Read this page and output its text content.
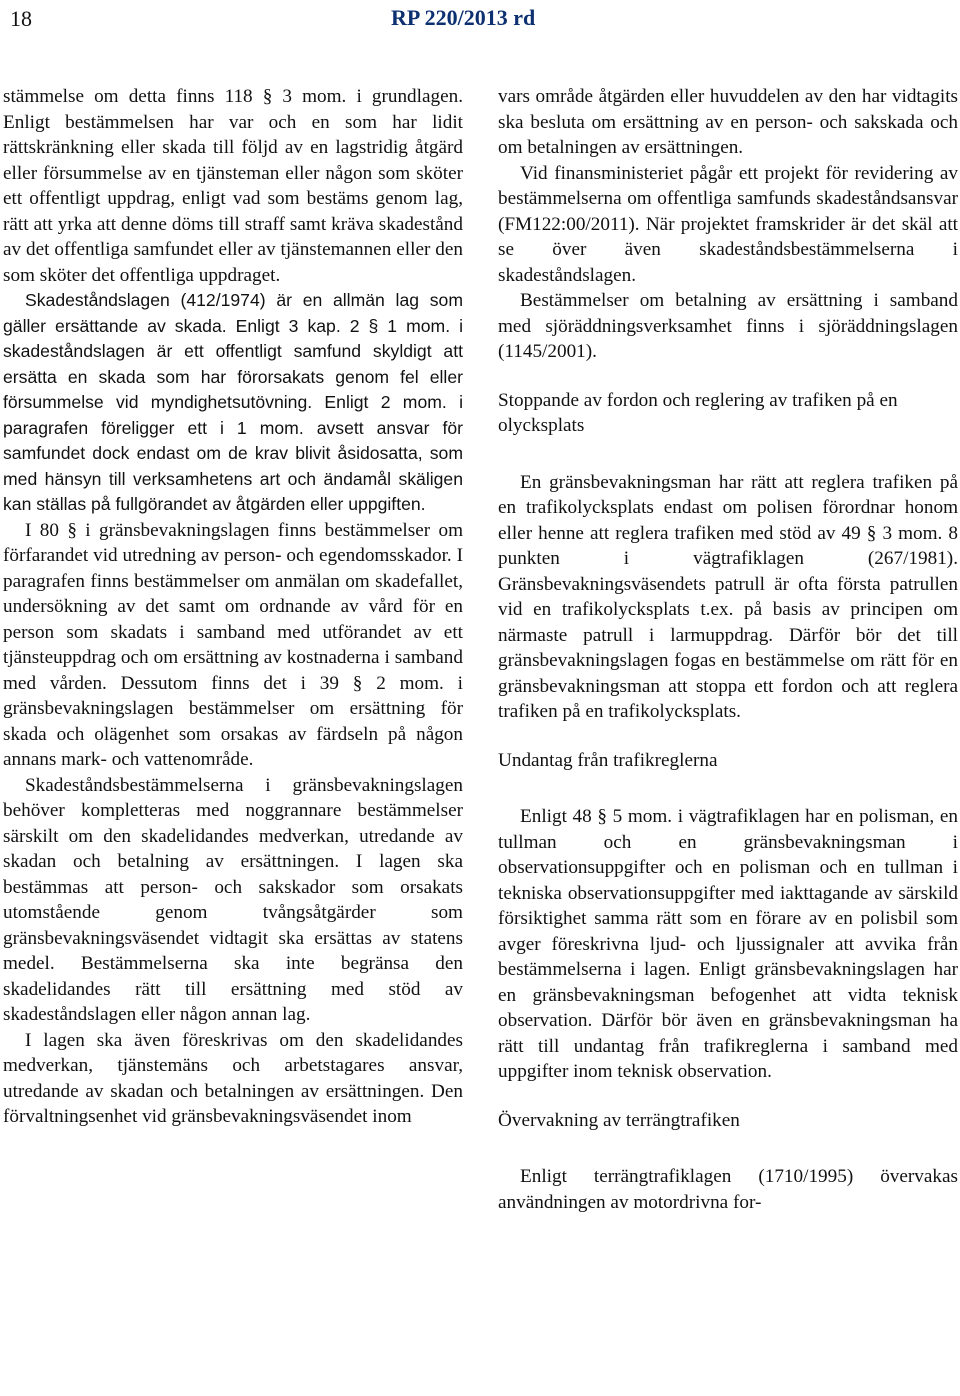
18	RP 220/2013 rd

stämmelse om detta finns 118 § 3 mom. i grundlagen. Enligt bestämmelsen har var och en som har lidit rättskränkning eller skada till följd av en lagstridig åtgärd eller försummelse av en tjänsteman eller någon som sköter ett offentligt uppdrag, enligt vad som bestäms genom lag, rätt att yrka att denne döms till straff samt kräva skadestånd av det offentliga samfundet eller av tjänstemannen eller den som sköter det offentliga uppdraget.

Skadeståndslagen (412/1974) är en allmän lag som gäller ersättande av skada. Enligt 3 kap. 2 § 1 mom. i skadeståndslagen är ett offentligt samfund skyldigt att ersätta en skada som har förorsakats genom fel eller försummelse vid myndighetsutövning. Enligt 2 mom. i paragrafen föreligger ett i 1 mom. avsett ansvar för samfundet dock endast om de krav blivit åsidosatta, som med hänsyn till verksamhetens art och ändamål skäligen kan ställas på fullgörandet av åtgärden eller uppgiften.

I 80 § i gränsbevakningslagen finns bestämmelser om förfarandet vid utredning av person- och egendomsskador. I paragrafen finns bestämmelser om anmälan om skadefallet, undersökning av det samt om ordnande av vård för en person som skadats i samband med utförandet av ett tjänsteuppdrag och om ersättning av kostnaderna i samband med vården. Dessutom finns det i 39 § 2 mom. i gränsbevakningslagen bestämmelser om ersättning för skada och olägenhet som orsakas av färdseln på någon annans mark- och vattenområde.

Skadeståndsbestämmelserna i gränsbevakningslagen behöver kompletteras med noggrannare bestämmelser särskilt om den skadelidandes medverkan, utredande av skadan och betalning av ersättningen. I lagen ska bestämmas att person- och sakskador som orsakats utomstående genom tvångsåtgärder som gränsbevakningsväsendet vidtagit ska ersättas av statens medel. Bestämmelserna ska inte begränsa den skadelidandes rätt till ersättning med stöd av skadeståndslagen eller någon annan lag.

I lagen ska även föreskrivas om den skadelidandes medverkan, tjänstemäns och arbetstagares ansvar, utredande av skadan och betalningen av ersättningen. Den förvaltningsenhet vid gränsbevakningsväsendet inom

vars område åtgärden eller huvuddelen av den har vidtagits ska besluta om ersättning av en person- och sakskada och om betalningen av ersättningen.

Vid finansministeriet pågår ett projekt för revidering av bestämmelserna om offentliga samfunds skadeståndsansvar (FM122:00/2011). När projektet framskrider är det skäl att se över även skadeståndsbestämmelserna i skadeståndslagen.

Bestämmelser om betalning av ersättning i samband med sjöräddningsverksamhet finns i sjöräddningslagen (1145/2001).

Stoppande av fordon och reglering av trafiken på en olycksplats

En gränsbevakningsman har rätt att reglera trafiken på en trafikolycksplats endast om polisen förordnar honom eller henne att reglera trafiken med stöd av 49 § 3 mom. 8 punkten i vägtrafiklagen (267/1981). Gränsbevakningsväsendets patrull är ofta första patrullen vid en trafikolycksplats t.ex. på basis av principen om närmaste patrull i larmuppdrag. Därför bör det till gränsbevakningslagen fogas en bestämmelse om rätt för en gränsbevakningsman att stoppa ett fordon och att reglera trafiken på en trafikolycksplats.

Undantag från trafikreglerna

Enligt 48 § 5 mom. i vägtrafiklagen har en polisman, en tullman och en gränsbevakningsman i observationsuppgifter och en polisman och en tullman i tekniska observationsuppgifter med iakttagande av särskild försiktighet samma rätt som en förare av en polisbil som avger föreskrivna ljud- och ljussignaler att avvika från bestämmelserna i lagen. Enligt gränsbevakningslagen har en gränsbevakningsman befogenhet att vidta teknisk observation. Därför bör även en gränsbevakningsman ha rätt till undantag från trafikreglerna i samband med uppgifter inom teknisk observation.

Övervakning av terrängtrafiken

Enligt terrängtrafiklagen (1710/1995) övervakas användningen av motordrivna for-
